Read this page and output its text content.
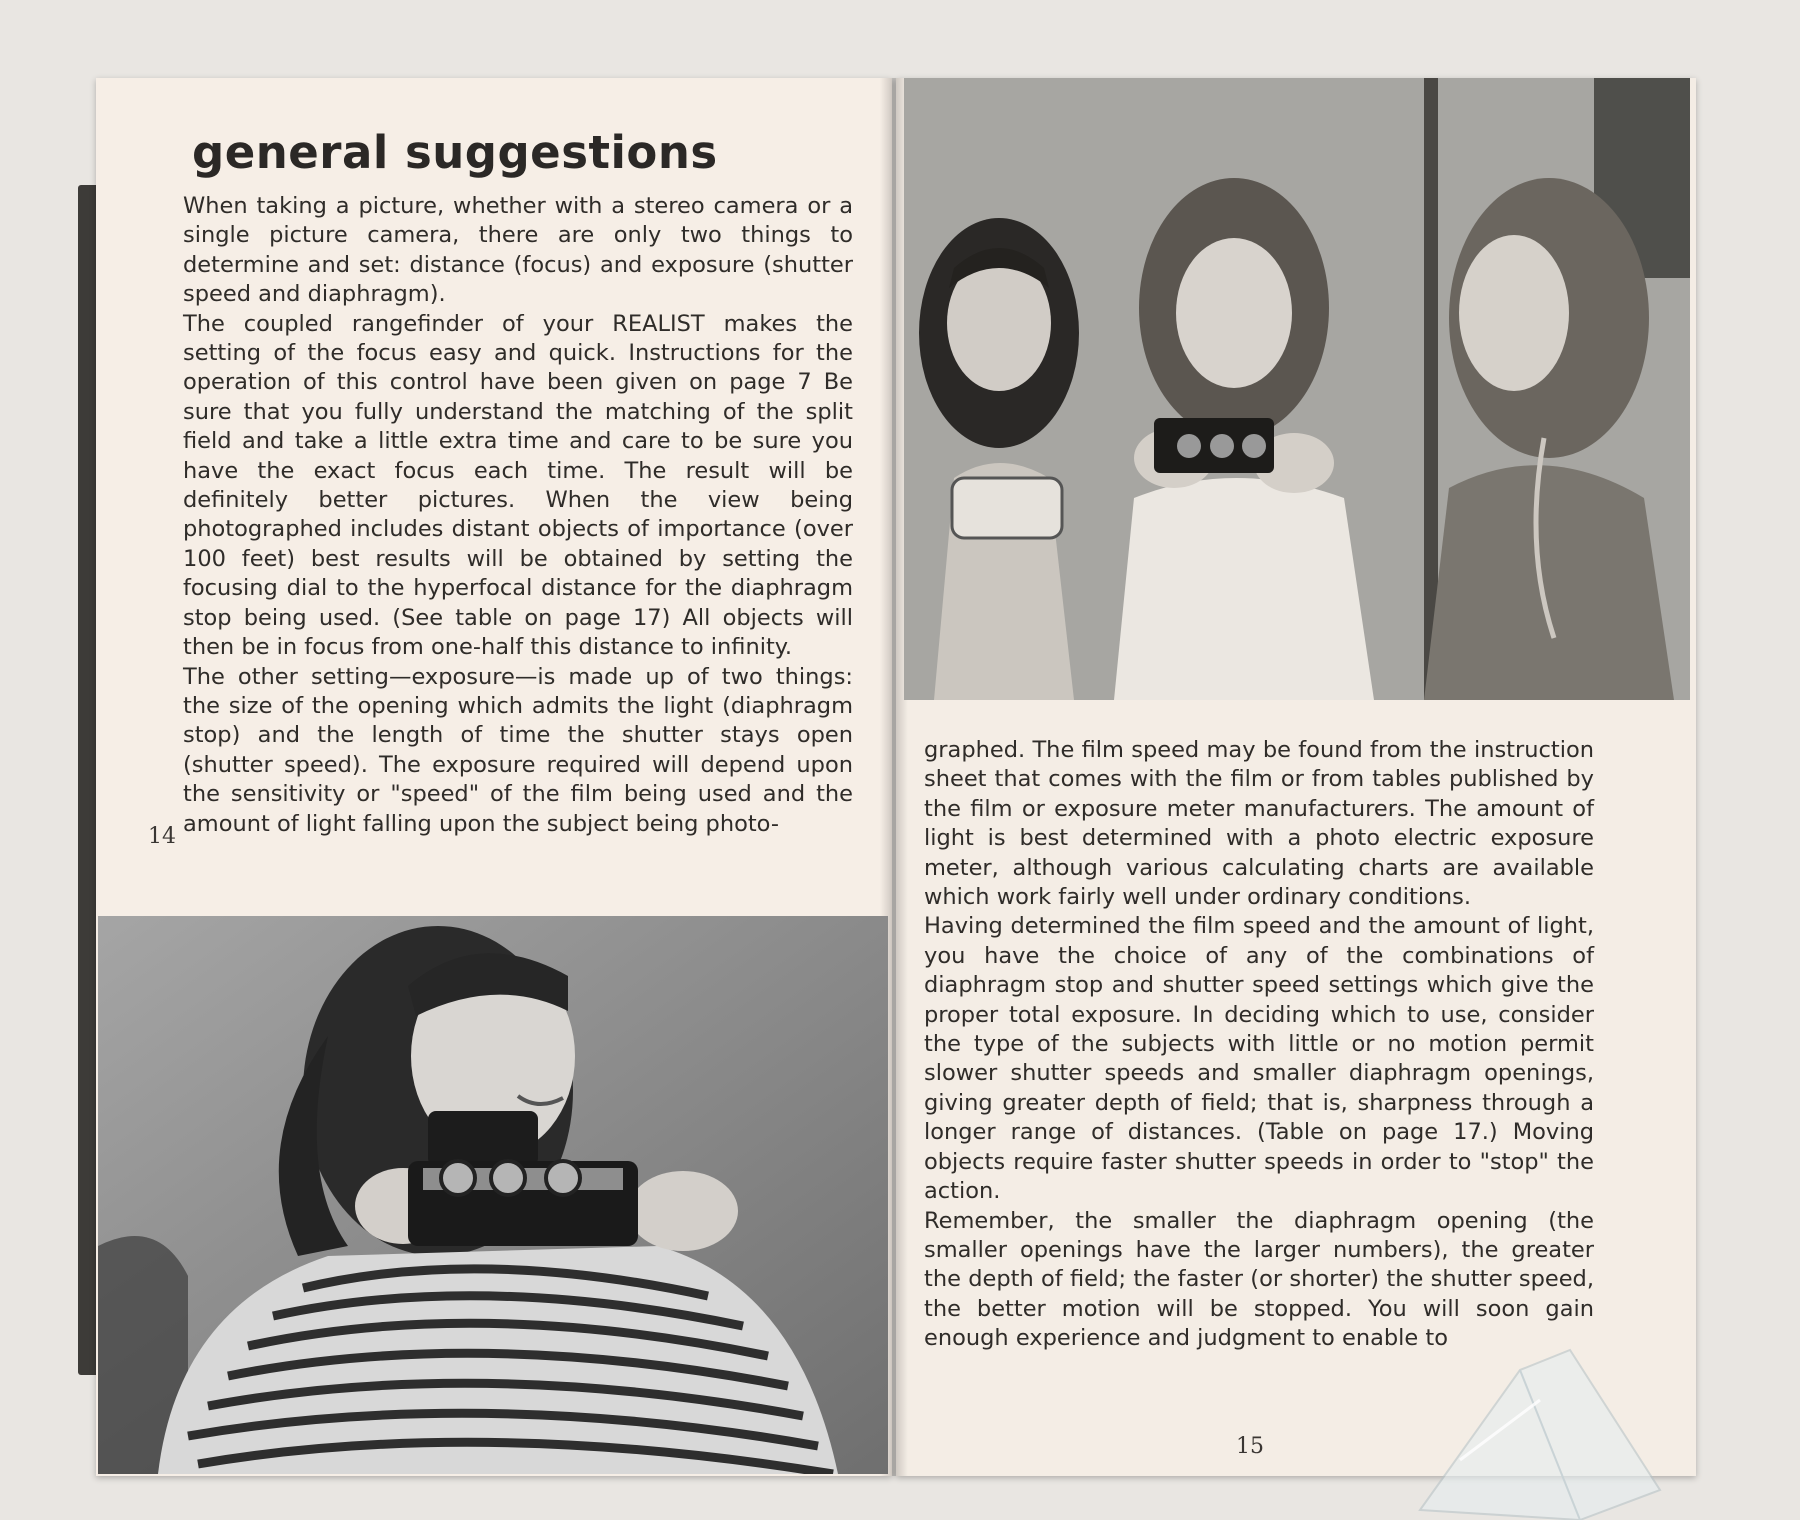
general suggestions

When taking a picture, whether with a stereo camera or a single picture camera, there are only two things to determine and set: distance (focus) and exposure (shutter speed and diaphragm).

The coupled rangefinder of your REALIST makes the setting of the focus easy and quick. Instructions for the operation of this control have been given on page 7 Be sure that you fully understand the matching of the split field and take a little extra time and care to be sure you have the exact focus each time. The result will be definitely better pictures. When the view being photographed includes distant objects of importance (over 100 feet) best results will be obtained by setting the focusing dial to the hyperfocal distance for the diaphragm stop being used. (See table on page 17) All objects will then be in focus from one-half this distance to infinity.

The other setting—exposure—is made up of two things: the size of the opening which admits the light (diaphragm stop) and the length of time the shutter stays open (shutter speed). The exposure required will depend upon the sensitivity or "speed" of the film being used and the amount of light falling upon the subject being photo-

14

graphed. The film speed may be found from the instruction sheet that comes with the film or from tables published by the film or exposure meter manufacturers. The amount of light is best determined with a photo electric exposure meter, although various calculating charts are available which work fairly well under ordinary conditions.

Having determined the film speed and the amount of light, you have the choice of any of the combinations of diaphragm stop and shutter speed settings which give the proper total exposure. In deciding which to use, consider the type of the subjects with little or no motion permit slower shutter speeds and smaller diaphragm openings, giving greater depth of field; that is, sharpness through a longer range of distances. (Table on page 17.) Moving objects require faster shutter speeds in order to "stop" the action.

Remember, the smaller the diaphragm opening (the smaller openings have the larger numbers), the greater the depth of field; the faster (or shorter) the shutter speed, the better motion will be stopped. You will soon gain enough experience and judgment to enable to

15
